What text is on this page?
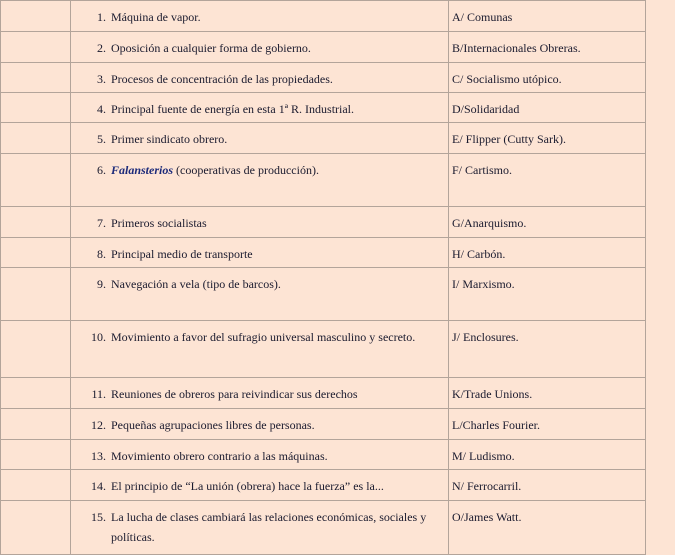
	1. Máquina de vapor.	A/ Comunas	

	2. Oposición a cualquier forma de gobierno.	B/Internacionales Obreras.	

	3. Procesos de concentración de las propiedades.	C/ Socialismo utópico.	

	4. Principal fuente de energía en esta 1ª R. Industrial.	D/Solidaridad	

	5. Primer sindicato obrero.	E/ Flipper (Cutty Sark).	

	6. Falansterios (cooperativas de producción).	F/ Cartismo.	

	7. Primeros socialistas	G/Anarquismo.	

	8. Principal medio de transporte	H/ Carbón.	

	9. Navegación a vela (tipo de barcos).	I/ Marxismo.	

	10. Movimiento a favor del sufragio universal masculino y secreto.	J/ Enclosures.	

	11. Reuniones de obreros para reivindicar sus derechos	K/Trade Unions.	

	12. Pequeñas agrupaciones libres de personas.	L/Charles Fourier.	

	13. Movimiento obrero contrario a las máquinas.	M/ Ludismo.	

	14. El principio de “La unión (obrera) hace la fuerza” es la...	N/ Ferrocarril.	

	15. La lucha de clases cambiará las relaciones económicas, sociales y políticas.	O/James Watt.	
